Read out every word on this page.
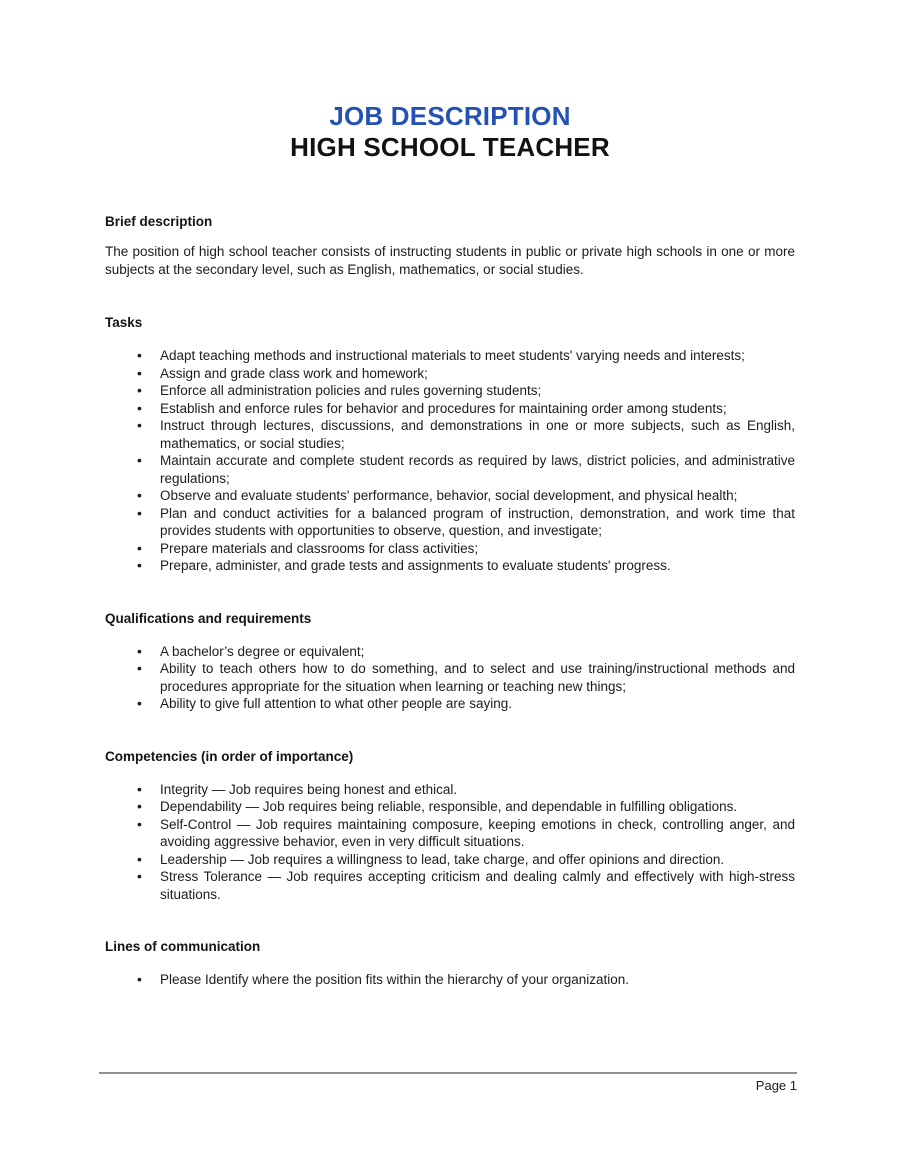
JOB DESCRIPTION
HIGH SCHOOL TEACHER
Brief description

The position of high school teacher consists of instructing students in public or private high schools in one or more subjects at the secondary level, such as English, mathematics, or social studies.

Tasks
• Adapt teaching methods and instructional materials to meet students' varying needs and interests;
• Assign and grade class work and homework;
• Enforce all administration policies and rules governing students;
• Establish and enforce rules for behavior and procedures for maintaining order among students;
• Instruct through lectures, discussions, and demonstrations in one or more subjects, such as English, mathematics, or social studies;
• Maintain accurate and complete student records as required by laws, district policies, and administrative regulations;
• Observe and evaluate students' performance, behavior, social development, and physical health;
• Plan and conduct activities for a balanced program of instruction, demonstration, and work time that provides students with opportunities to observe, question, and investigate;
• Prepare materials and classrooms for class activities;
• Prepare, administer, and grade tests and assignments to evaluate students' progress.
Qualifications and requirements
• A bachelor’s degree or equivalent;
• Ability to teach others how to do something, and to select and use training/instructional methods and procedures appropriate for the situation when learning or teaching new things;
• Ability to give full attention to what other people are saying.
Competencies (in order of importance)
• Integrity — Job requires being honest and ethical.
• Dependability — Job requires being reliable, responsible, and dependable in fulfilling obligations.
• Self-Control — Job requires maintaining composure, keeping emotions in check, controlling anger, and avoiding aggressive behavior, even in very difficult situations.
• Leadership — Job requires a willingness to lead, take charge, and offer opinions and direction.
• Stress Tolerance — Job requires accepting criticism and dealing calmly and effectively with high-stress situations.
Lines of communication
• Please Identify where the position fits within the hierarchy of your organization.
Page 1
